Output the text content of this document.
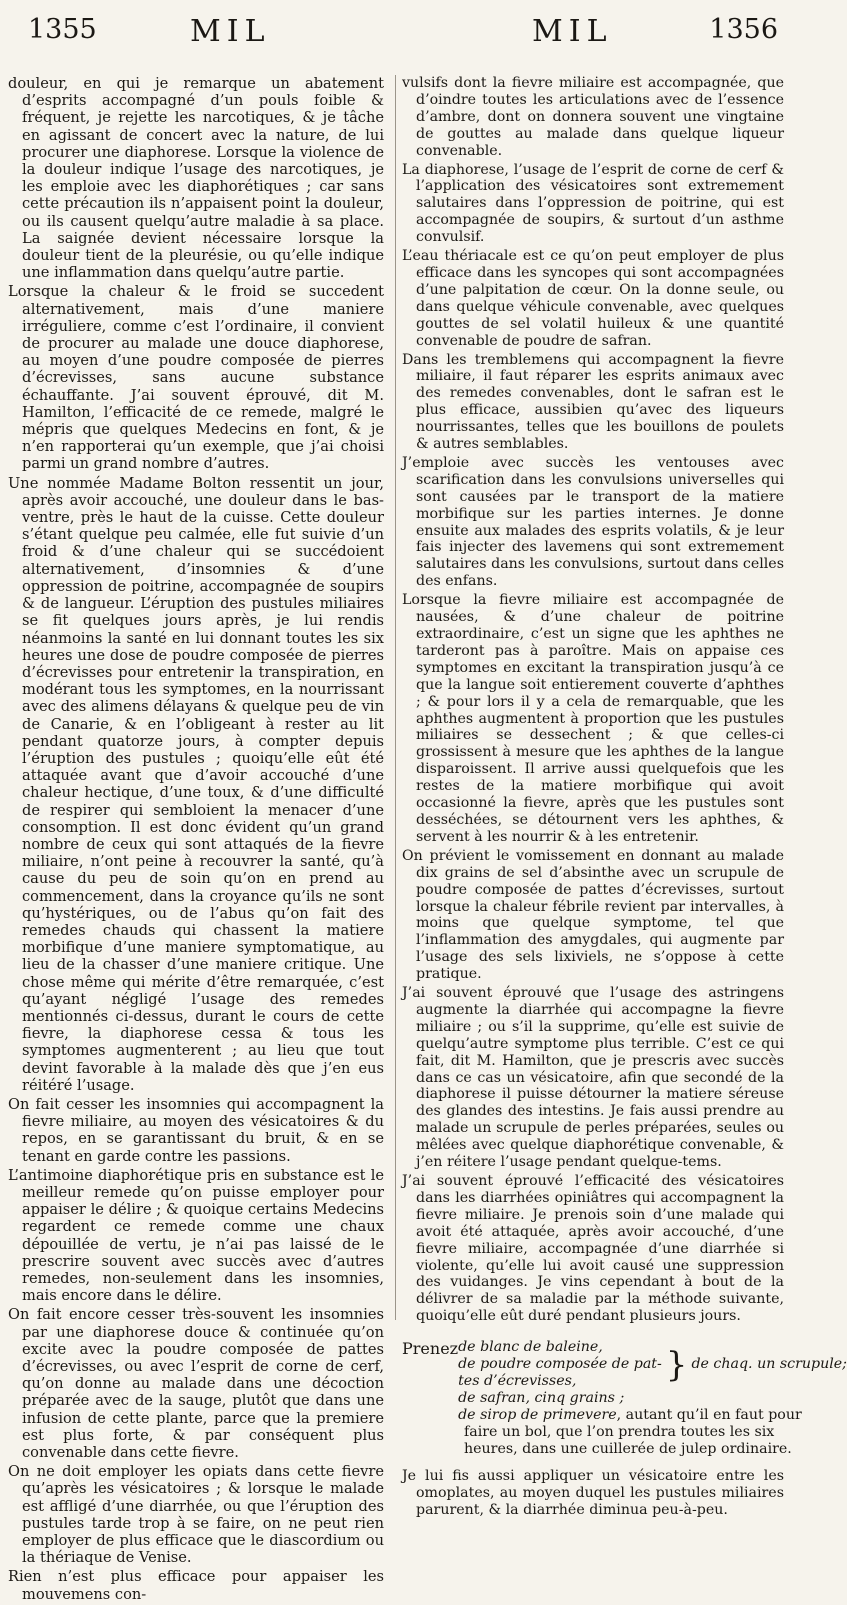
1355	MIL	MIL	1356

douleur, en qui je remarque un abatement d’esprits accompagné d’un pouls foible & fréquent, je rejette les narcotiques, & je tâche en agissant de concert avec la nature, de lui procurer une diaphorese. Lorsque la violence de la douleur indique l’usage des narcotiques, je les emploie avec les diaphorétiques ; car sans cette précaution ils n’appaisent point la douleur, ou ils causent quelqu’autre maladie à sa place. La saignée devient nécessaire lorsque la douleur tient de la pleurésie, ou qu’elle indique une inflammation dans quelqu’autre partie.

Lorsque la chaleur & le froid se succedent alternativement, mais d’une maniere irréguliere, comme c’est l’ordinaire, il convient de procurer au malade une douce diaphorese, au moyen d’une poudre composée de pierres d’écrevisses, sans aucune substance échauffante. J’ai souvent éprouvé, dit M. Hamilton, l’efficacité de ce remede, malgré le mépris que quelques Medecins en font, & je n’en rapporterai qu’un exemple, que j’ai choisi parmi un grand nombre d’autres.

Une nommée Madame Bolton ressentit un jour, après avoir accouché, une douleur dans le bas-ventre, près le haut de la cuisse. Cette douleur s’étant quelque peu calmée, elle fut suivie d’un froid & d’une chaleur qui se succédoient alternativement, d’insomnies & d’une oppression de poitrine, accompagnée de soupirs & de langueur. L’éruption des pustules miliaires se fit quelques jours après, je lui rendis néanmoins la santé en lui donnant toutes les six heures une dose de poudre composée de pierres d’écrevisses pour entretenir la transpiration, en modérant tous les symptomes, en la nourrissant avec des alimens délayans & quelque peu de vin de Canarie, & en l’obligeant à rester au lit pendant quatorze jours, à compter depuis l’éruption des pustules ; quoiqu’elle eût été attaquée avant que d’avoir accouché d’une chaleur hectique, d’une toux, & d’une difficulté de respirer qui sembloient la menacer d’une consomption. Il est donc évident qu’un grand nombre de ceux qui sont attaqués de la fievre miliaire, n’ont peine à recouvrer la santé, qu’à cause du peu de soin qu’on en prend au commencement, dans la croyance qu’ils ne sont qu’hystériques, ou de l’abus qu’on fait des remedes chauds qui chassent la matiere morbifique d’une maniere symptomatique, au lieu de la chasser d’une maniere critique. Une chose même qui mérite d’être remarquée, c’est qu’ayant négligé l’usage des remedes mentionnés ci-dessus, durant le cours de cette fievre, la diaphorese cessa & tous les symptomes augmenterent ; au lieu que tout devint favorable à la malade dès que j’en eus réitéré l’usage.

On fait cesser les insomnies qui accompagnent la fievre miliaire, au moyen des vésicatoires & du repos, en se garantissant du bruit, & en se tenant en garde contre les passions.

L’antimoine diaphorétique pris en substance est le meilleur remede qu’on puisse employer pour appaiser le délire ; & quoique certains Medecins regardent ce remede comme une chaux dépouillée de vertu, je n’ai pas laissé de le prescrire souvent avec succès avec d’autres remedes, non-seulement dans les insomnies, mais encore dans le délire.

On fait encore cesser très-souvent les insomnies par une diaphorese douce & continuée qu’on excite avec la poudre composée de pattes d’écrevisses, ou avec l’esprit de corne de cerf, qu’on donne au malade dans une décoction préparée avec de la sauge, plutôt que dans une infusion de cette plante, parce que la premiere est plus forte, & par conséquent plus convenable dans cette fievre.

On ne doit employer les opiats dans cette fievre qu’après les vésicatoires ; & lorsque le malade est affligé d’une diarrhée, ou que l’éruption des pustules tarde trop à se faire, on ne peut rien employer de plus efficace que le diascordium ou la thériaque de Venise.

Rien n’est plus efficace pour appaiser les mouvemens con-

vulsifs dont la fievre miliaire est accompagnée, que d’oindre toutes les articulations avec de l’essence d’ambre, dont on donnera souvent une vingtaine de gouttes au malade dans quelque liqueur convenable.

La diaphorese, l’usage de l’esprit de corne de cerf & l’application des vésicatoires sont extremement salutaires dans l’oppression de poitrine, qui est accompagnée de soupirs, & surtout d’un asthme convulsif.

L’eau thériacale est ce qu’on peut employer de plus efficace dans les syncopes qui sont accompagnées d’une palpitation de cœur. On la donne seule, ou dans quelque véhicule convenable, avec quelques gouttes de sel volatil huileux & une quantité convenable de poudre de safran.

Dans les tremblemens qui accompagnent la fievre miliaire, il faut réparer les esprits animaux avec des remedes convenables, dont le safran est le plus efficace, aussibien qu’avec des liqueurs nourrissantes, telles que les bouillons de poulets & autres semblables.

J’emploie avec succès les ventouses avec scarification dans les convulsions universelles qui sont causées par le transport de la matiere morbifique sur les parties internes. Je donne ensuite aux malades des esprits volatils, & je leur fais injecter des lavemens qui sont extremement salutaires dans les convulsions, surtout dans celles des enfans.

Lorsque la fievre miliaire est accompagnée de nausées, & d’une chaleur de poitrine extraordinaire, c’est un signe que les aphthes ne tarderont pas à paroître. Mais on appaise ces symptomes en excitant la transpiration jusqu’à ce que la langue soit entierement couverte d’aphthes ; & pour lors il y a cela de remarquable, que les aphthes augmentent à proportion que les pustules miliaires se dessechent ; & que celles-ci grossissent à mesure que les aphthes de la langue disparoissent. Il arrive aussi quelquefois que les restes de la matiere morbifique qui avoit occasionné la fievre, après que les pustules sont desséchées, se détournent vers les aphthes, & servent à les nourrir & à les entretenir.

On prévient le vomissement en donnant au malade dix grains de sel d’absinthe avec un scrupule de poudre composée de pattes d’écrevisses, surtout lorsque la chaleur fébrile revient par intervalles, à moins que quelque symptome, tel que l’inflammation des amygdales, qui augmente par l’usage des sels lixiviels, ne s’oppose à cette pratique.

J’ai souvent éprouvé que l’usage des astringens augmente la diarrhée qui accompagne la fievre miliaire ; ou s’il la supprime, qu’elle est suivie de quelqu’autre symptome plus terrible. C’est ce qui fait, dit M. Hamilton, que je prescris avec succès dans ce cas un vésicatoire, afin que secondé de la diaphorese il puisse détourner la matiere séreuse des glandes des intestins. Je fais aussi prendre au malade un scrupule de perles préparées, seules ou mêlées avec quelque diaphorétique convenable, & j’en réitere l’usage pendant quelque-tems.

J’ai souvent éprouvé l’efficacité des vésicatoires dans les diarrhées opiniâtres qui accompagnent la fievre miliaire. Je prenois soin d’une malade qui avoit été attaquée, après avoir accouché, d’une fievre miliaire, accompagnée d’une diarrhée si violente, qu’elle lui avoit causé une suppression des vuidanges. Je vins cependant à bout de la délivrer de sa maladie par la méthode suivante, quoiqu’elle eût duré pendant plusieurs jours.

Prenez de blanc de baleine,
de poudre composée de pat-
tes d’écrevisses,	} de chaq. un scrupule;
de safran, cinq grains ;
de sirop de primevere, autant qu’il en faut pour
faire un bol, que l’on prendra toutes les six
heures, dans une cuillerée de julep ordinaire.

Je lui fis aussi appliquer un vésicatoire entre les omoplates, au moyen duquel les pustules miliaires parurent, & la diarrhée diminua peu-à-peu.
